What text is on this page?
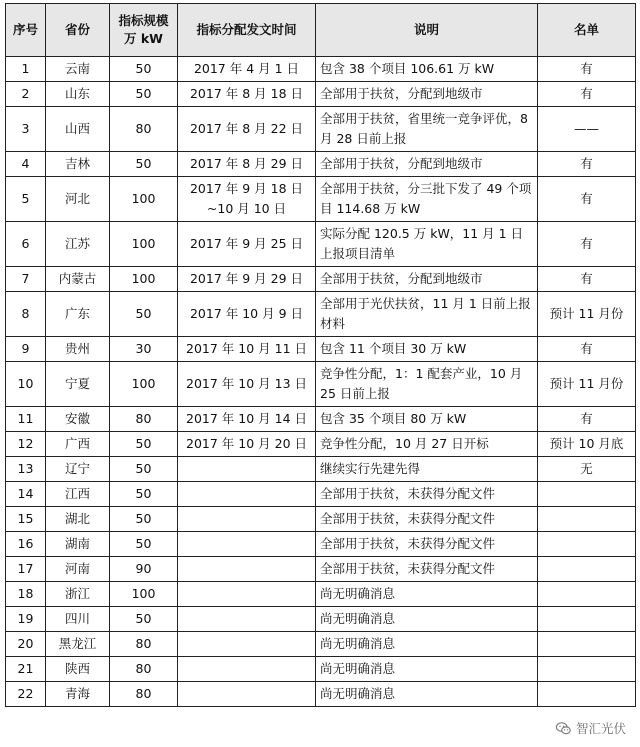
序号	省份	指标规模万 kW	指标分配发文时间	说明	名单
1	云南	50	2017 年 4 月 1 日	包含 38 个项目 106.61 万 kW	有
2	山东	50	2017 年 8 月 18 日	全部用于扶贫，分配到地级市	有
3	山西	80	2017 年 8 月 22 日	全部用于扶贫，省里统一竞争评优，8 月 28 日前上报	——
4	吉林	50	2017 年 8 月 29 日	全部用于扶贫，分配到地级市	有
5	河北	100	2017 年 9 月 18 日~10 月 10 日	全部用于扶贫，分三批下发了 49 个项目 114.68 万 kW	有
6	江苏	100	2017 年 9 月 25 日	实际分配 120.5 万 kW，11 月 1 日上报项目清单	有
7	内蒙古	100	2017 年 9 月 29 日	全部用于扶贫，分配到地级市	有
8	广东	50	2017 年 10 月 9 日	全部用于光伏扶贫，11 月 1 日前上报材料	预计 11 月份
9	贵州	30	2017 年 10 月 11 日	包含 11 个项目 30 万 kW	有
10	宁夏	100	2017 年 10 月 13 日	竞争性分配，1：1 配套产业，10 月 25 日前上报	预计 11 月份
11	安徽	80	2017 年 10 月 14 日	包含 35 个项目 80 万 kW	有
12	广西	50	2017 年 10 月 20 日	竞争性分配，10 月 27 日开标	预计 10 月底
13	辽宁	50		继续实行先建先得	无
14	江西	50		全部用于扶贫，未获得分配文件	
15	湖北	50		全部用于扶贫，未获得分配文件	
16	湖南	50		全部用于扶贫，未获得分配文件	
17	河南	90		全部用于扶贫，未获得分配文件	
18	浙江	100		尚无明确消息	
19	四川	50		尚无明确消息	
20	黑龙江	80		尚无明确消息	
21	陕西	80		尚无明确消息	
22	青海	80		尚无明确消息	
智汇光伏
